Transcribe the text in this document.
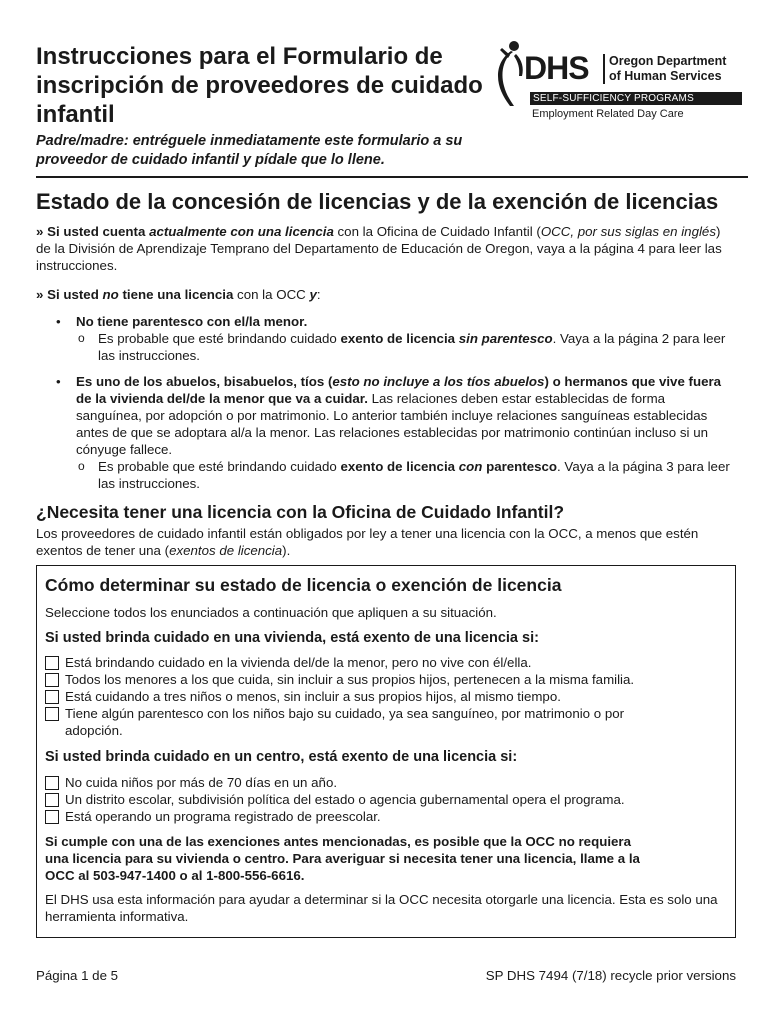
Instrucciones para el Formulario de inscripción de proveedores de cuidado infantil

Padre/madre: entréguele inmediatamente este formulario a su proveedor de cuidado infantil y pídale que lo llene.

DHS Oregon Department
of Human Services
SELF-SUFFICIENCY PROGRAMS
Employment Related Day Care
Estado de la concesión de licencias y de la exención de licencias
» Si usted cuenta actualmente con una licencia con la Oficina de Cuidado Infantil (OCC, por sus siglas en inglés) de la División de Aprendizaje Temprano del Departamento de Educación de Oregon, vaya a la página 4 para leer las instrucciones.
» Si usted no tiene una licencia con la OCC y:
• No tiene parentesco con el/la menor.
o Es probable que esté brindando cuidado exento de licencia sin parentesco. Vaya a la página 2 para leer las instrucciones.
• Es uno de los abuelos, bisabuelos, tíos (esto no incluye a los tíos abuelos) o hermanos que vive fuera de la vivienda del/de la menor que va a cuidar. Las relaciones deben estar establecidas de forma sanguínea, por adopción o por matrimonio. Lo anterior también incluye relaciones sanguíneas establecidas antes de que se adoptara al/a la menor. Las relaciones establecidas por matrimonio continúan incluso si un cónyuge fallece.
o Es probable que esté brindando cuidado exento de licencia con parentesco. Vaya a la página 3 para leer las instrucciones.
¿Necesita tener una licencia con la Oficina de Cuidado Infantil?
Los proveedores de cuidado infantil están obligados por ley a tener una licencia con la OCC, a menos que estén exentos de tener una (exentos de licencia).
Cómo determinar su estado de licencia o exención de licencia
Seleccione todos los enunciados a continuación que apliquen a su situación.
Si usted brinda cuidado en una vivienda, está exento de una licencia si:
Está brindando cuidado en la vivienda del/de la menor, pero no vive con él/ella.
Todos los menores a los que cuida, sin incluir a sus propios hijos, pertenecen a la misma familia.
Está cuidando a tres niños o menos, sin incluir a sus propios hijos, al mismo tiempo.
Tiene algún parentesco con los niños bajo su cuidado, ya sea sanguíneo, por matrimonio o por adopción.
Si usted brinda cuidado en un centro, está exento de una licencia si:
No cuida niños por más de 70 días en un año.
Un distrito escolar, subdivisión política del estado o agencia gubernamental opera el programa.
Está operando un programa registrado de preescolar.
Si cumple con una de las exenciones antes mencionadas, es posible que la OCC no requiera una licencia para su vivienda o centro. Para averiguar si necesita tener una licencia, llame a la OCC al 503-947-1400 o al 1-800-556-6616.
El DHS usa esta información para ayudar a determinar si la OCC necesita otorgarle una licencia. Esta es solo una herramienta informativa.
Página 1 de 5	SP DHS 7494 (7/18) recycle prior versions
